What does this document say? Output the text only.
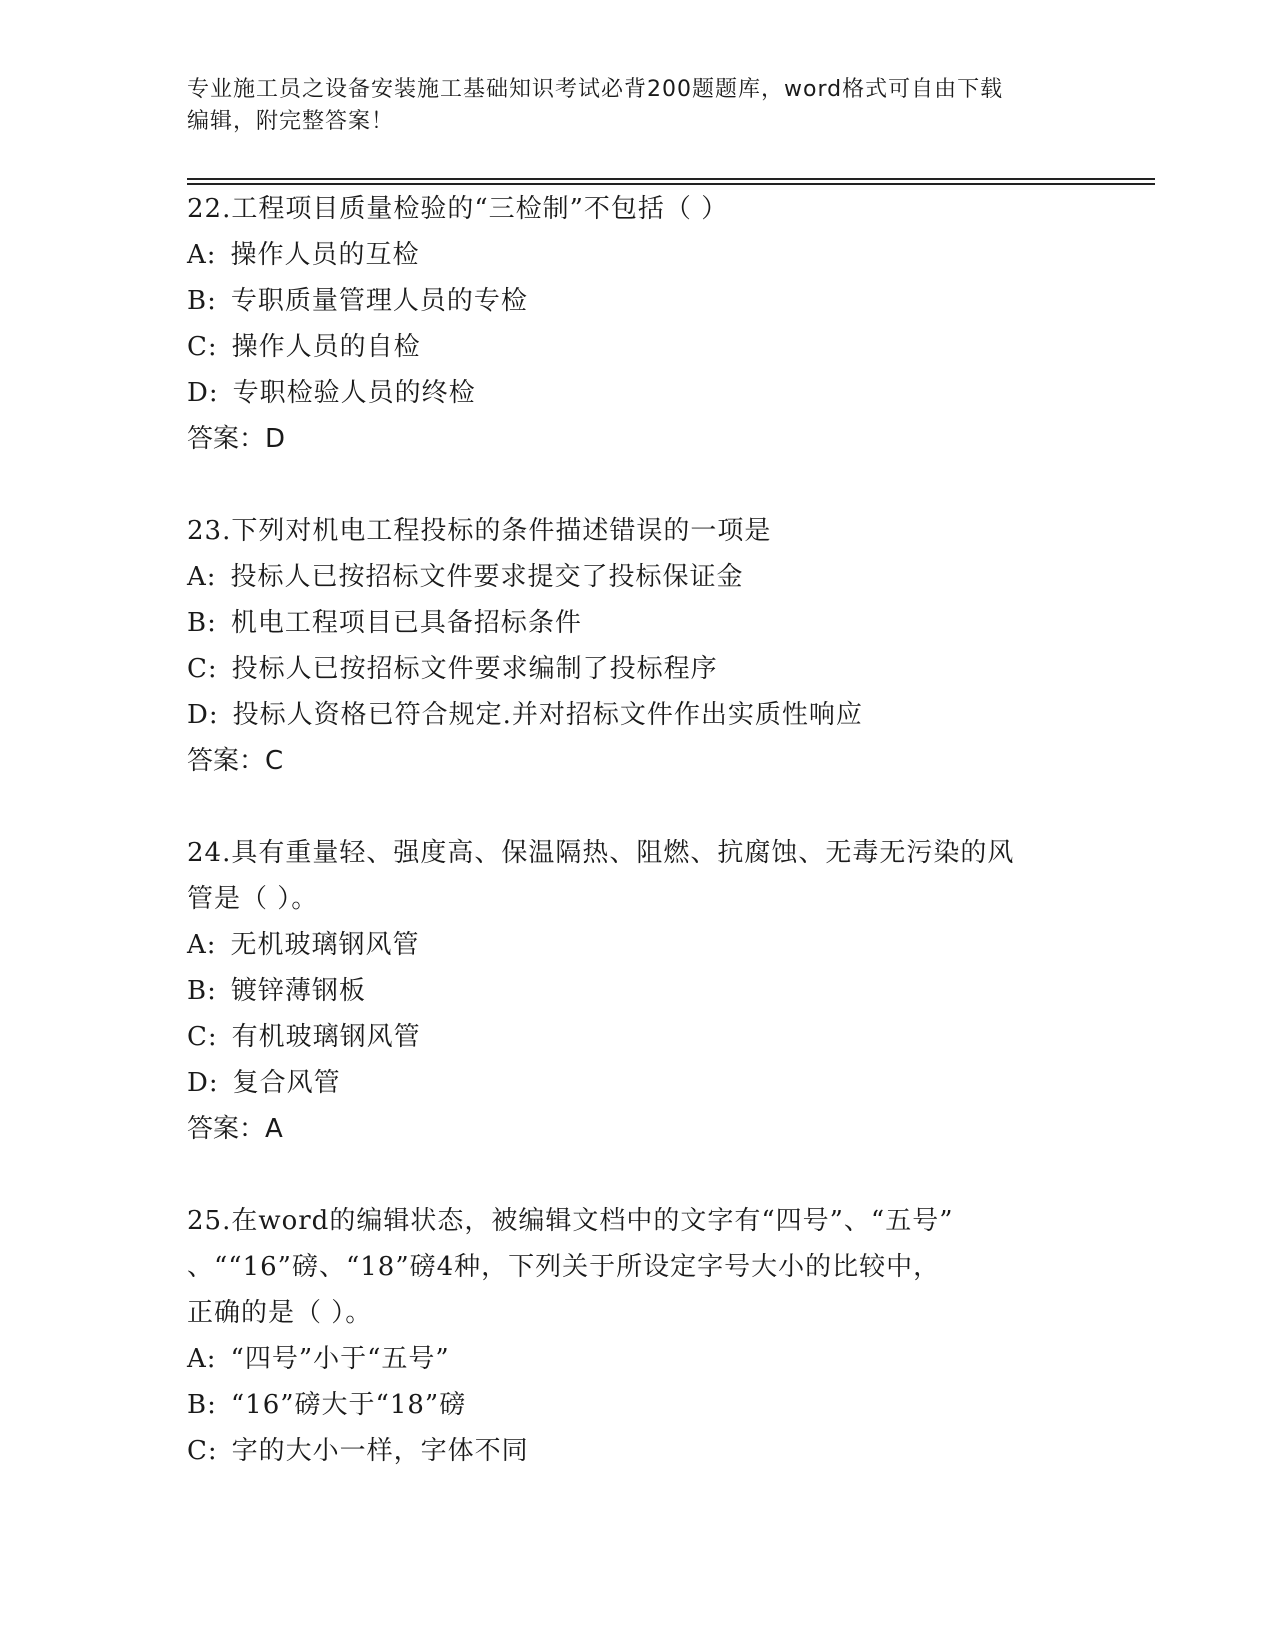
专业施工员之设备安装施工基础知识考试必背200题题库，word格式可自由下载
编辑，附完整答案！
22.工程项目质量检验的“三检制”不包括（ ）
A: 操作人员的互检
B: 专职质量管理人员的专检
C: 操作人员的自检
D: 专职检验人员的终检
答案：D
23.下列对机电工程投标的条件描述错误的一项是
A: 投标人已按招标文件要求提交了投标保证金
B: 机电工程项目已具备招标条件
C: 投标人已按招标文件要求编制了投标程序
D: 投标人资格已符合规定.并对招标文件作出实质性响应
答案：C
24.具有重量轻、强度高、保温隔热、阻燃、抗腐蚀、无毒无污染的风
管是（ ）。
A: 无机玻璃钢风管
B: 镀锌薄钢板
C: 有机玻璃钢风管
D: 复合风管
答案：A
25.在word的编辑状态，被编辑文档中的文字有“四号”、“五号”
、““16”磅、“18”磅4种，下列关于所设定字号大小的比较中，
正确的是（ ）。
A: “四号”小于“五号”
B: “16”磅大于“18”磅
C: 字的大小一样，字体不同
